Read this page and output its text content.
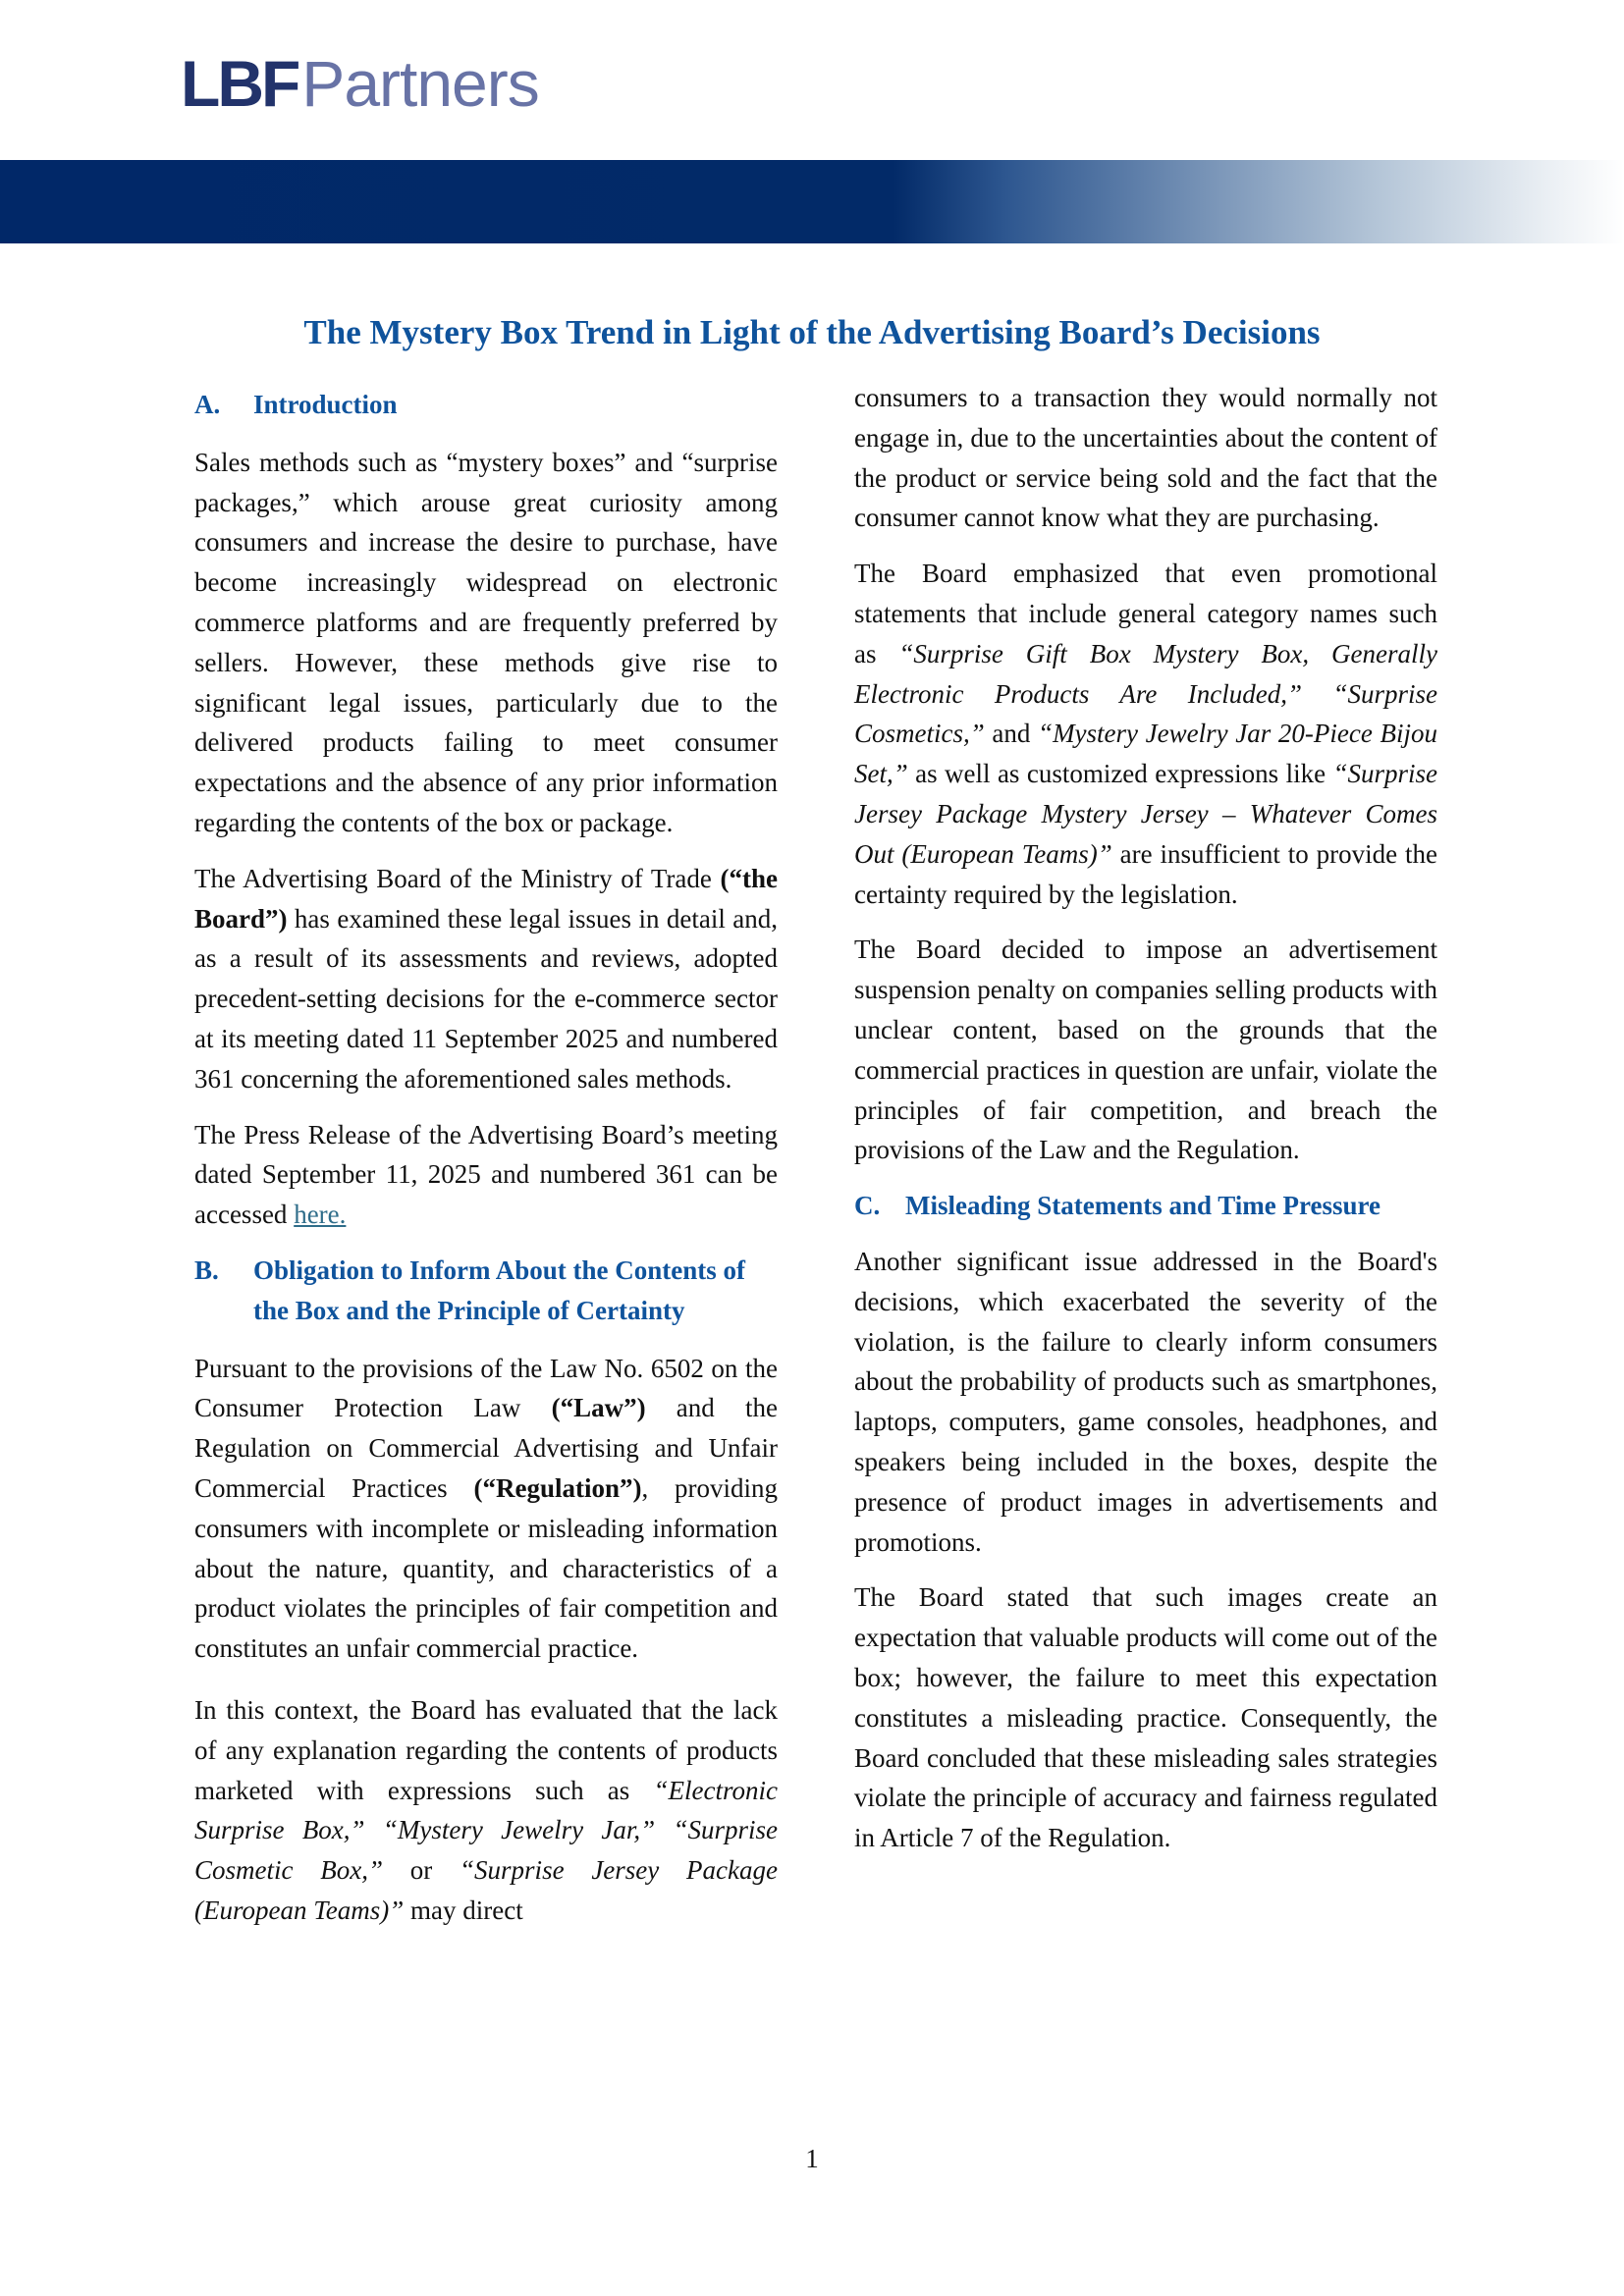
LBFPartners
The Mystery Box Trend in Light of the Advertising Board’s Decisions
A.	Introduction

Sales methods such as “mystery boxes” and “surprise packages,” which arouse great curiosity among consumers and increase the desire to purchase, have become increasingly widespread on electronic commerce platforms and are frequently preferred by sellers. However, these methods give rise to significant legal issues, particularly due to the delivered products failing to meet consumer expectations and the absence of any prior information regarding the contents of the box or package.

The Advertising Board of the Ministry of Trade (“the Board”) has examined these legal issues in detail and, as a result of its assessments and reviews, adopted precedent-setting decisions for the e-commerce sector at its meeting dated 11 September 2025 and numbered 361 concerning the aforementioned sales methods.

The Press Release of the Advertising Board’s meeting dated September 11, 2025 and numbered 361 can be accessed here.

B.	Obligation to Inform About the Contents of the Box and the Principle of Certainty

Pursuant to the provisions of the Law No. 6502 on the Consumer Protection Law (“Law”) and the Regulation on Commercial Advertising and Unfair Commercial Practices (“Regulation”), providing consumers with incomplete or misleading information about the nature, quantity, and characteristics of a product violates the principles of fair competition and constitutes an unfair commercial practice.

In this context, the Board has evaluated that the lack of any explanation regarding the contents of products marketed with expressions such as “Electronic Surprise Box,” “Mystery Jewelry Jar,” “Surprise Cosmetic Box,” or “Surprise Jersey Package (European Teams)” may direct

consumers to a transaction they would normally not engage in, due to the uncertainties about the content of the product or service being sold and the fact that the consumer cannot know what they are purchasing.

The Board emphasized that even promotional statements that include general category names such as “Surprise Gift Box Mystery Box, Generally Electronic Products Are Included,” “Surprise Cosmetics,” and “Mystery Jewelry Jar 20-Piece Bijou Set,” as well as customized expressions like “Surprise Jersey Package Mystery Jersey – Whatever Comes Out (European Teams)” are insufficient to provide the certainty required by the legislation.

The Board decided to impose an advertisement suspension penalty on companies selling products with unclear content, based on the grounds that the commercial practices in question are unfair, violate the principles of fair competition, and breach the provisions of the Law and the Regulation.

C. Misleading Statements and Time Pressure

Another significant issue addressed in the Board's decisions, which exacerbated the severity of the violation, is the failure to clearly inform consumers about the probability of products such as smartphones, laptops, computers, game consoles, headphones, and speakers being included in the boxes, despite the presence of product images in advertisements and promotions.

The Board stated that such images create an expectation that valuable products will come out of the box; however, the failure to meet this expectation constitutes a misleading practice. Consequently, the Board concluded that these misleading sales strategies violate the principle of accuracy and fairness regulated in Article 7 of the Regulation.

1
